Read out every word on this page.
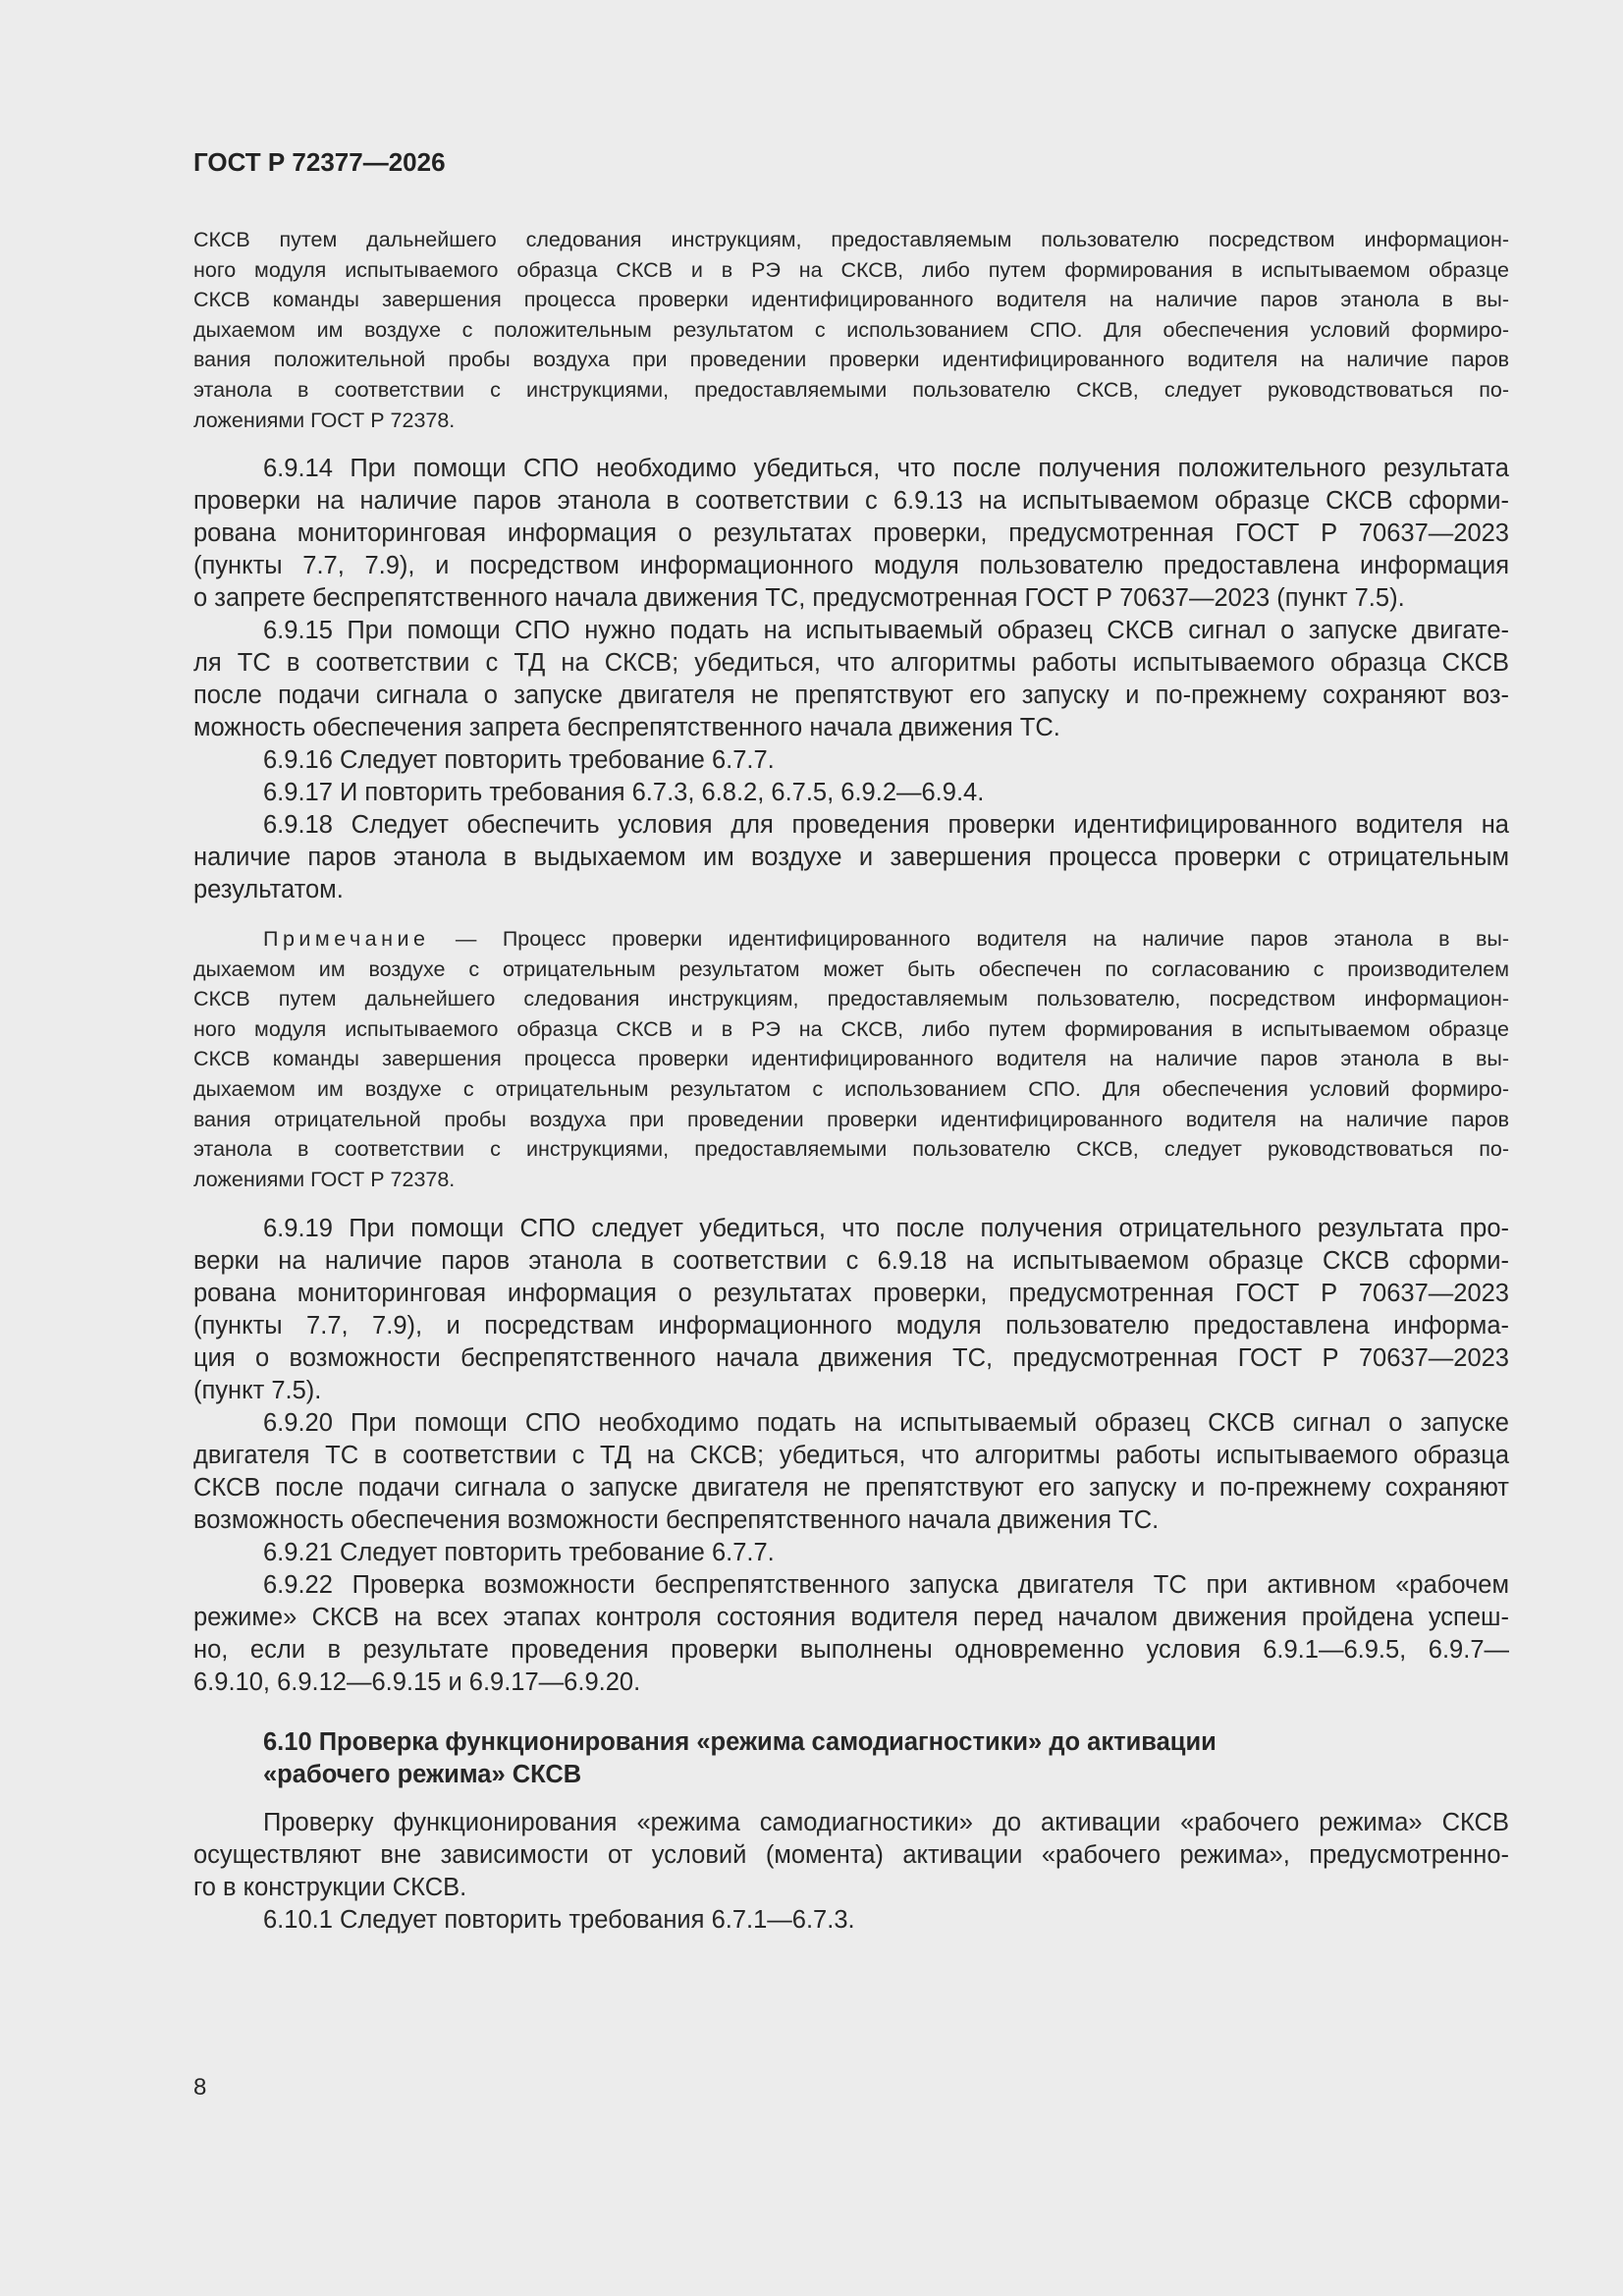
ГОСТ Р 72377—2026
СКСВ путем дальнейшего следования инструкциям, предоставляемым пользователю посредством информацион-
ного модуля испытываемого образца СКСВ и в РЭ на СКСВ, либо путем формирования в испытываемом образце
СКСВ команды завершения процесса проверки идентифицированного водителя на наличие паров этанола в вы-
дыхаемом им воздухе с положительным результатом с использованием СПО. Для обеспечения условий формиро-
вания положительной пробы воздуха при проведении проверки идентифицированного водителя на наличие паров
этанола в соответствии с инструкциями, предоставляемыми пользователю СКСВ, следует руководствоваться по-
ложениями ГОСТ Р 72378.
6.9.14 При помощи СПО необходимо убедиться, что после получения положительного результата
проверки на наличие паров этанола в соответствии с 6.9.13 на испытываемом образце СКСВ сформи-
рована мониторинговая информация о результатах проверки, предусмотренная ГОСТ Р 70637—2023
(пункты 7.7, 7.9), и посредством информационного модуля пользователю предоставлена информация
о запрете беспрепятственного начала движения ТС, предусмотренная ГОСТ Р 70637—2023 (пункт 7.5).
6.9.15 При помощи СПО нужно подать на испытываемый образец СКСВ сигнал о запуске двигате-
ля ТС в соответствии с ТД на СКСВ; убедиться, что алгоритмы работы испытываемого образца СКСВ
после подачи сигнала о запуске двигателя не препятствуют его запуску и по-прежнему сохраняют воз-
можность обеспечения запрета беспрепятственного начала движения ТС.
6.9.16 Следует повторить требование 6.7.7.
6.9.17 И повторить требования 6.7.3, 6.8.2, 6.7.5, 6.9.2—6.9.4.
6.9.18 Следует обеспечить условия для проведения проверки идентифицированного водителя на
наличие паров этанола в выдыхаемом им воздухе и завершения процесса проверки с отрицательным
результатом.
Примечание — Процесс проверки идентифицированного водителя на наличие паров этанола в вы-
дыхаемом им воздухе с отрицательным результатом может быть обеспечен по согласованию с производителем
СКСВ путем дальнейшего следования инструкциям, предоставляемым пользователю, посредством информацион-
ного модуля испытываемого образца СКСВ и в РЭ на СКСВ, либо путем формирования в испытываемом образце
СКСВ команды завершения процесса проверки идентифицированного водителя на наличие паров этанола в вы-
дыхаемом им воздухе с отрицательным результатом с использованием СПО. Для обеспечения условий формиро-
вания отрицательной пробы воздуха при проведении проверки идентифицированного водителя на наличие паров
этанола в соответствии с инструкциями, предоставляемыми пользователю СКСВ, следует руководствоваться по-
ложениями ГОСТ Р 72378.
6.9.19 При помощи СПО следует убедиться, что после получения отрицательного результата про-
верки на наличие паров этанола в соответствии с 6.9.18 на испытываемом образце СКСВ сформи-
рована мониторинговая информация о результатах проверки, предусмотренная ГОСТ Р 70637—2023
(пункты 7.7, 7.9), и посредствам информационного модуля пользователю предоставлена информа-
ция о возможности беспрепятственного начала движения ТС, предусмотренная ГОСТ Р 70637—2023
(пункт 7.5).
6.9.20 При помощи СПО необходимо подать на испытываемый образец СКСВ сигнал о запуске
двигателя ТС в соответствии с ТД на СКСВ; убедиться, что алгоритмы работы испытываемого образца
СКСВ после подачи сигнала о запуске двигателя не препятствуют его запуску и по-прежнему сохраняют
возможность обеспечения возможности беспрепятственного начала движения ТС.
6.9.21 Следует повторить требование 6.7.7.
6.9.22 Проверка возможности беспрепятственного запуска двигателя ТС при активном «рабочем
режиме» СКСВ на всех этапах контроля состояния водителя перед началом движения пройдена успеш-
но, если в результате проведения проверки выполнены одновременно условия 6.9.1—6.9.5, 6.9.7—
6.9.10, 6.9.12—6.9.15 и 6.9.17—6.9.20.
6.10 Проверка функционирования «режима самодиагностики» до активации
«рабочего режима» СКСВ
Проверку функционирования «режима самодиагностики» до активации «рабочего режима» СКСВ
осуществляют вне зависимости от условий (момента) активации «рабочего режима», предусмотренно-
го в конструкции СКСВ.
6.10.1 Следует повторить требования 6.7.1—6.7.3.
8
